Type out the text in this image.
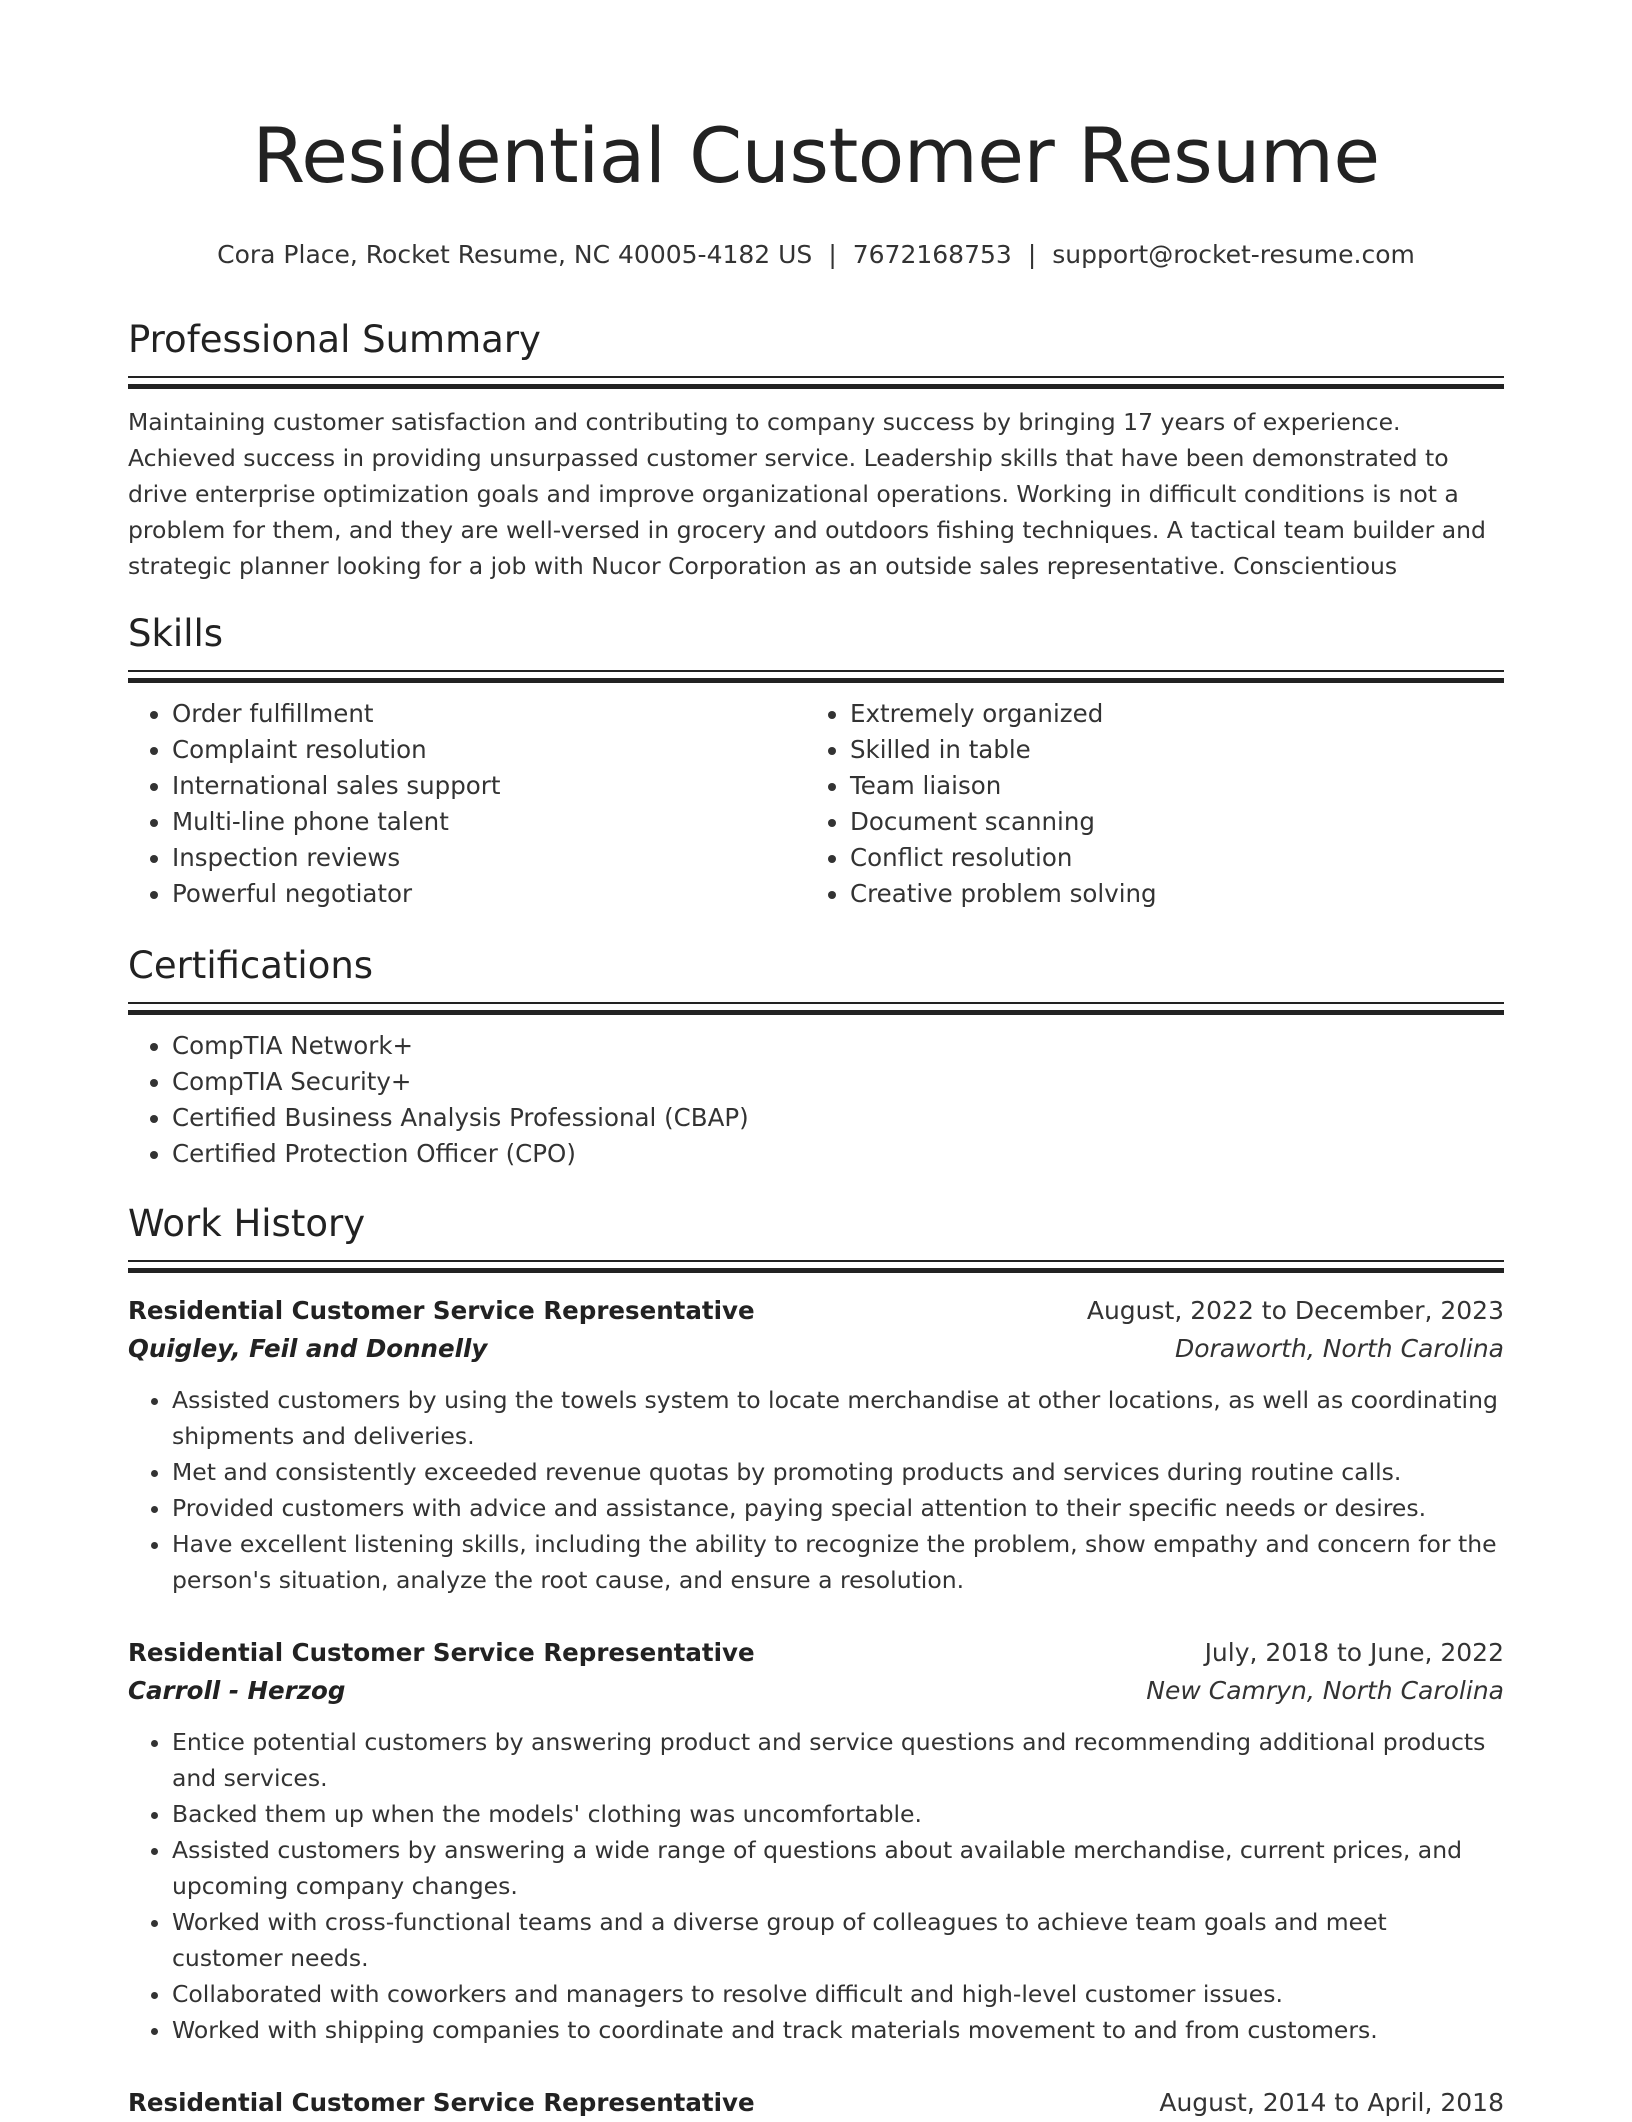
Residential Customer Resume
Cora Place, Rocket Resume, NC 40005-4182 US | 7672168753 | support@rocket-resume.com
Professional Summary

Maintaining customer satisfaction and contributing to company success by bringing 17 years of experience. Achieved success in providing unsurpassed customer service. Leadership skills that have been demonstrated to drive enterprise optimization goals and improve organizational operations. Working in difficult conditions is not a problem for them, and they are well-versed in grocery and outdoors fishing techniques. A tactical team builder and strategic planner looking for a job with Nucor Corporation as an outside sales representative. Conscientious

Skills
• Order fulfillment
• Complaint resolution
• International sales support
• Multi-line phone talent
• Inspection reviews
• Powerful negotiator
• Extremely organized
• Skilled in table
• Team liaison
• Document scanning
• Conflict resolution
• Creative problem solving
Certifications
• CompTIA Network+
• CompTIA Security+
• Certified Business Analysis Professional (CBAP)
• Certified Protection Officer (CPO)
Work History
Residential Customer Service Representative	August, 2022 to December, 2023
Quigley, Feil and Donnelly	Doraworth, North Carolina
• Assisted customers by using the towels system to locate merchandise at other locations, as well as coordinating shipments and deliveries.
• Met and consistently exceeded revenue quotas by promoting products and services during routine calls.
• Provided customers with advice and assistance, paying special attention to their specific needs or desires.
• Have excellent listening skills, including the ability to recognize the problem, show empathy and concern for the person's situation, analyze the root cause, and ensure a resolution.
Residential Customer Service Representative	July, 2018 to June, 2022
Carroll - Herzog	New Camryn, North Carolina
• Entice potential customers by answering product and service questions and recommending additional products and services.
• Backed them up when the models' clothing was uncomfortable.
• Assisted customers by answering a wide range of questions about available merchandise, current prices, and upcoming company changes.
• Worked with cross-functional teams and a diverse group of colleagues to achieve team goals and meet customer needs.
• Collaborated with coworkers and managers to resolve difficult and high-level customer issues.
• Worked with shipping companies to coordinate and track materials movement to and from customers.
Residential Customer Service Representative	August, 2014 to April, 2018
